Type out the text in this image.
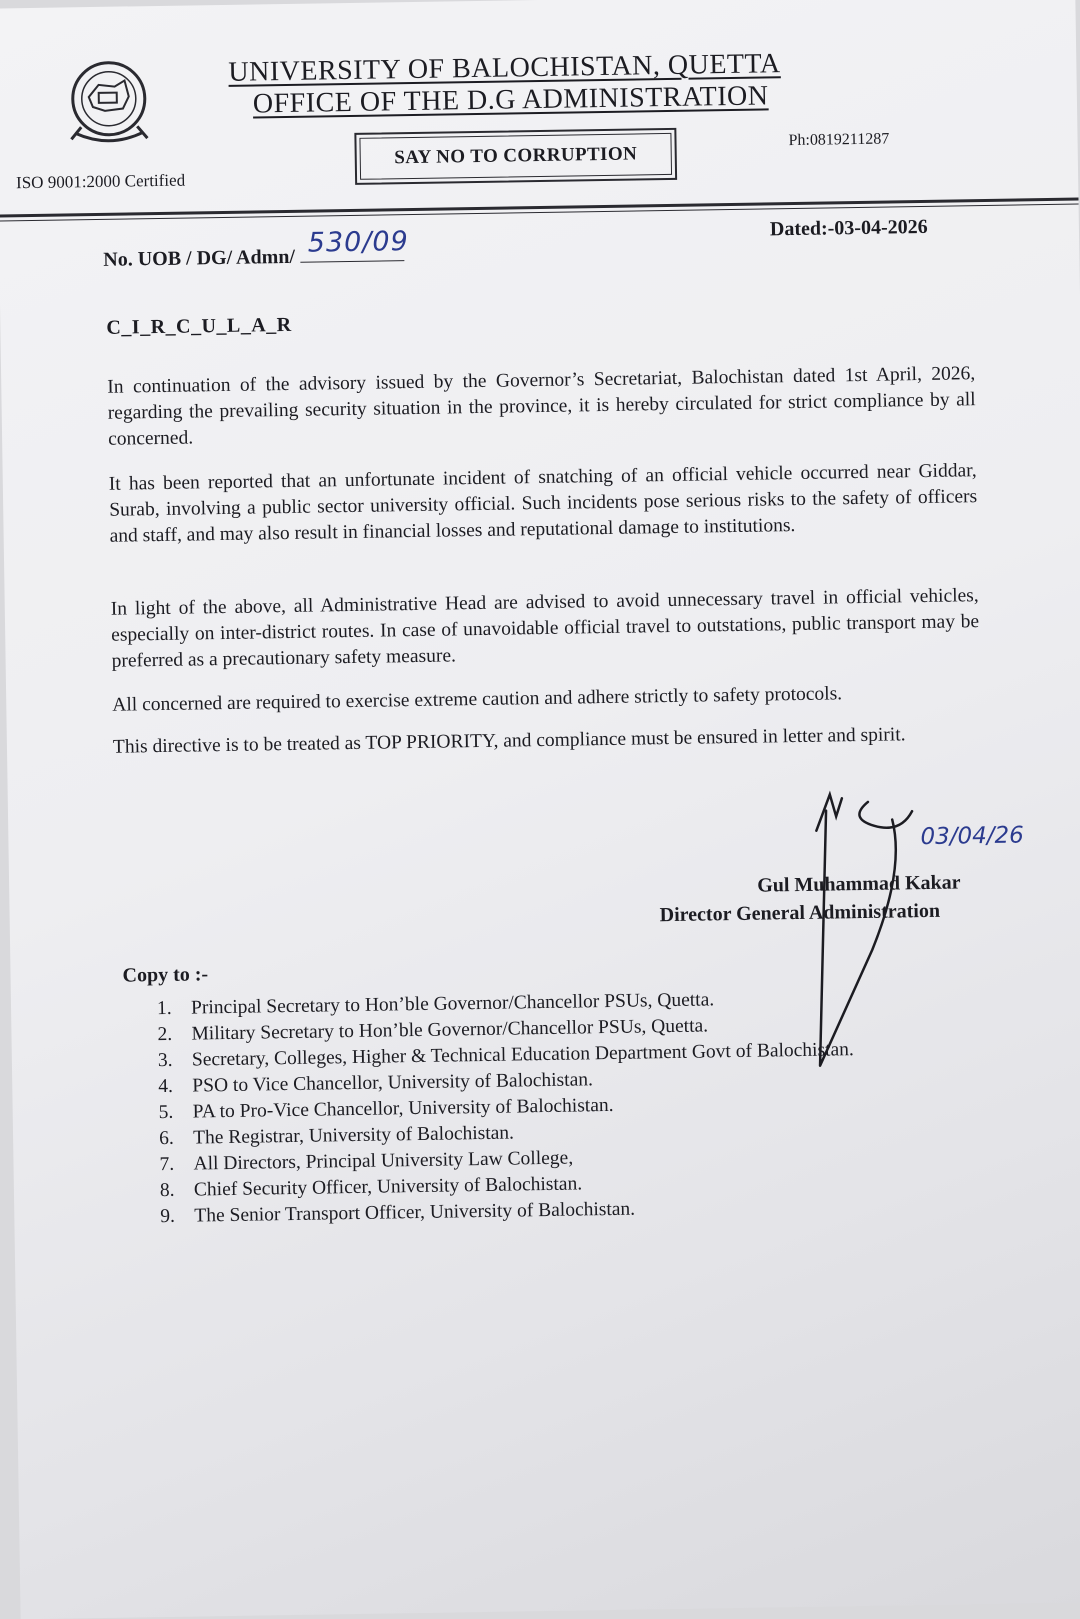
ISO 9001:2000 Certified
UNIVERSITY OF BALOCHISTAN, QUETTA
OFFICE OF THE D.G ADMINISTRATION
SAY NO TO CORRUPTION
Ph:0819211287
No. UOB / DG/ Admn/ 530/09	Dated:-03-04-2026
C_I_R_C_U_L_A_R
In continuation of the advisory issued by the Governor’s Secretariat, Balochistan dated 1st April, 2026, regarding the prevailing security situation in the province, it is hereby circulated for strict compliance by all concerned.
It has been reported that an unfortunate incident of snatching of an official vehicle occurred near Giddar, Surab, involving a public sector university official. Such incidents pose serious risks to the safety of officers and staff, and may also result in financial losses and reputational damage to institutions.
In light of the above, all Administrative Head are advised to avoid unnecessary travel in official vehicles, especially on inter-district routes. In case of unavoidable official travel to outstations, public transport may be preferred as a precautionary safety measure.
All concerned are required to exercise extreme caution and adhere strictly to safety protocols.
This directive is to be treated as TOP PRIORITY, and compliance must be ensured in letter and spirit.
03/04/26
Gul Muhammad Kakar
Director General Administration
Copy to :-
1. Principal Secretary to Hon’ble Governor/Chancellor PSUs, Quetta.
2. Military Secretary to Hon’ble Governor/Chancellor PSUs, Quetta.
3. Secretary, Colleges, Higher & Technical Education Department Govt of Balochistan.
4. PSO to Vice Chancellor, University of Balochistan.
5. PA to Pro-Vice Chancellor, University of Balochistan.
6. The Registrar, University of Balochistan.
7. All Directors, Principal University Law College,
8. Chief Security Officer, University of Balochistan.
9. The Senior Transport Officer, University of Balochistan.
